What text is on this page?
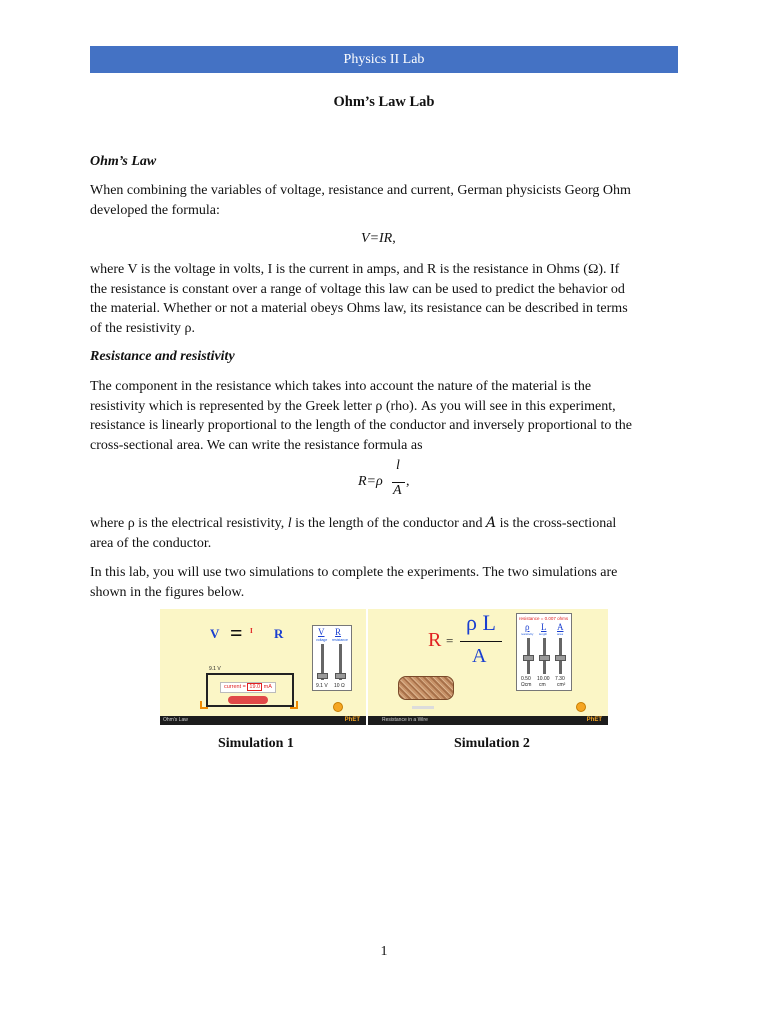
Physics II Lab
Ohm’s Law Lab
Ohm’s Law
When combining the variables of voltage, resistance and current, German physicists Georg Ohm
developed the formula:
V=IR,
where V is the voltage in volts, I is the current in amps, and R is the resistance in Ohms (Ω). If
the resistance is constant over a range of voltage this law can be used to predict the behavior od
the material. Whether or not a material obeys Ohms law, its resistance can be described in terms
of the resistivity ρ.
Resistance and resistivity
The component in the resistance which takes into account the nature of the material is the
resistivity which is represented by the Greek letter ρ (rho). As you will see in this experiment,
resistance is linearly proportional to the length of the conductor and inversely proportional to the
cross-sectional area. We can write the resistance formula as
R=ρ
l
A
,
where ρ is the electrical resistivity, l is the length of the conductor and A is the cross-sectional
area of the conductor.
In this lab, you will use two simulations to complete the experiments. The two simulations are
shown in the figures below.
V = I R	V R
voltage resistance
9.1 V 10 Ω
9.1 V
current = 19.0 mA
Ohm's Law	PhET
R =
ρ L
A
resistance = 0.007 ohms
ρ L A
resistivity length	area
0.50 10.00 7.30
Ωcm cm cm²
Resistance in a Wire	PhET
Simulation 1	Simulation 2
1
